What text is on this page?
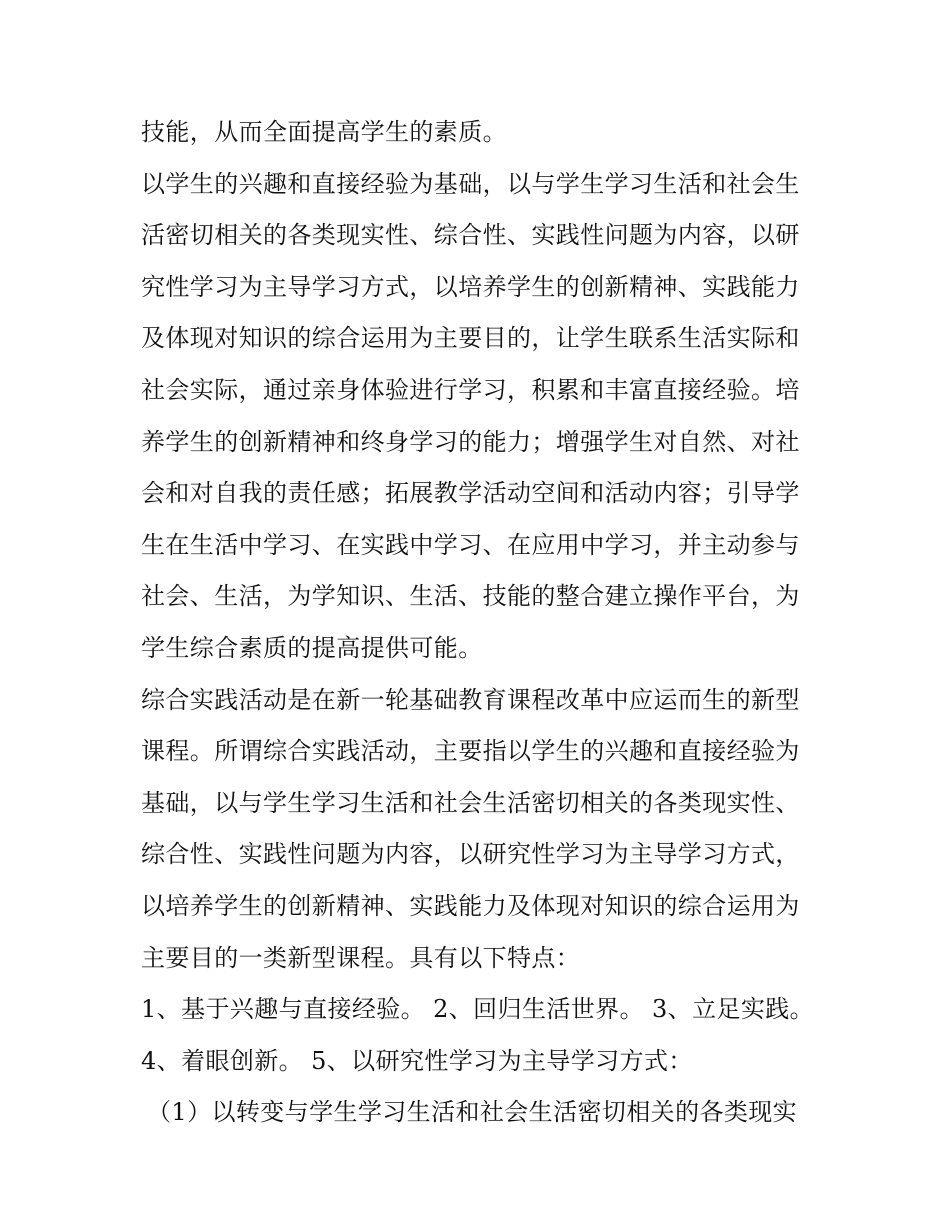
技能，从而全面提高学生的素质。
以学生的兴趣和直接经验为基础，以与学生学习生活和社会生
活密切相关的各类现实性、综合性、实践性问题为内容，以研
究性学习为主导学习方式，以培养学生的创新精神、实践能力
及体现对知识的综合运用为主要目的，让学生联系生活实际和
社会实际，通过亲身体验进行学习，积累和丰富直接经验。培
养学生的创新精神和终身学习的能力；增强学生对自然、对社
会和对自我的责任感；拓展教学活动空间和活动内容；引导学
生在生活中学习、在实践中学习、在应用中学习，并主动参与
社会、生活，为学知识、生活、技能的整合建立操作平台，为
学生综合素质的提高提供可能。
综合实践活动是在新一轮基础教育课程改革中应运而生的新型
课程。所谓综合实践活动，主要指以学生的兴趣和直接经验为
基础，以与学生学习生活和社会生活密切相关的各类现实性、
综合性、实践性问题为内容，以研究性学习为主导学习方式，
以培养学生的创新精神、实践能力及体现对知识的综合运用为
主要目的一类新型课程。具有以下特点：
1、基于兴趣与直接经验。 2、回归生活世界。 3、立足实践。
4、着眼创新。 5、以研究性学习为主导学习方式：
（1）以转变与学生学习生活和社会生活密切相关的各类现实
